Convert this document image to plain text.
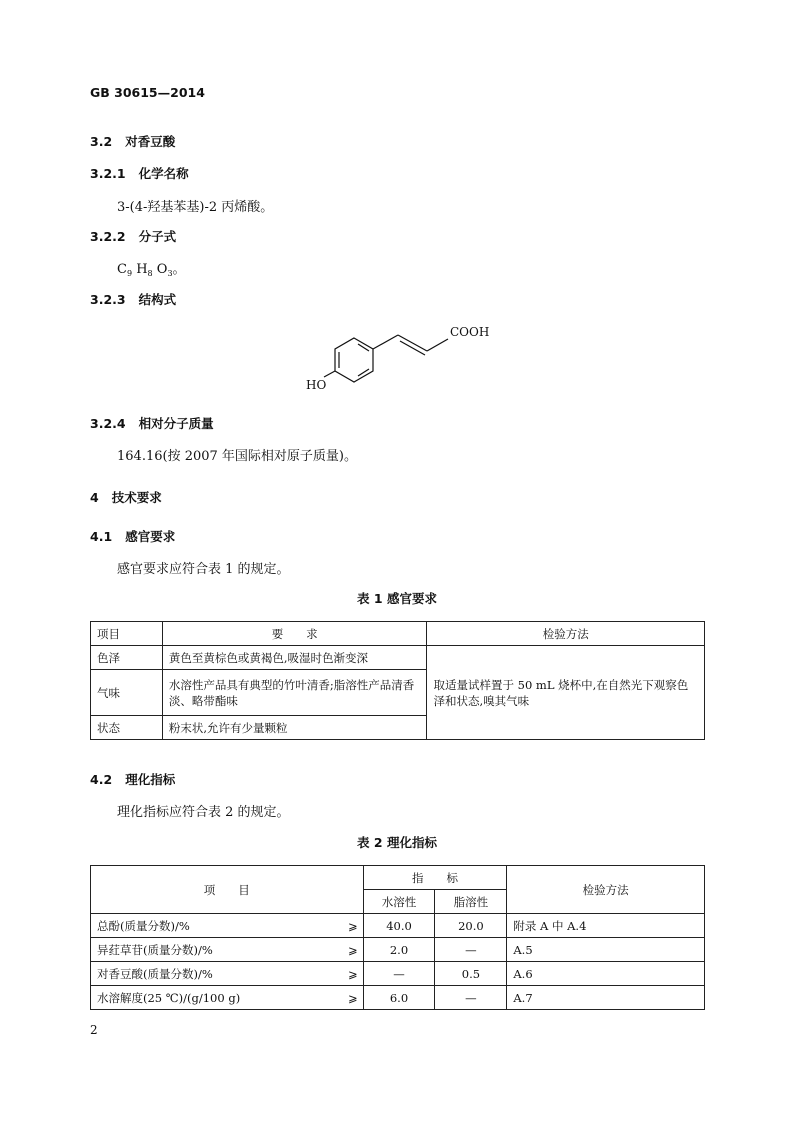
GB 30615—2014
3.2 对香豆酸
3.2.1 化学名称
3-(4-羟基苯基)-2 丙烯酸。
3.2.2 分子式
$C_9$ $H_8$ $O_3$。
3.2.3 结构式
COOH
HO
3.2.4 相对分子质量
164.16(按 2007 年国际相对原子质量)。
4 技术要求
4.1 感官要求
感官要求应符合表 1 的规定。
表 1 感官要求
项目	要　　求	检验方法
色泽	黄色至黄棕色或黄褐色,吸湿时色渐变深	取适量试样置于 50 mL 烧杯中,在自然光下观察色泽和状态,嗅其气味
气味	水溶性产品具有典型的竹叶清香;脂溶性产品清香淡、略带酯味	
状态	粉末状,允许有少量颗粒	
4.2 理化指标
理化指标应符合表 2 的规定。
表 2 理化指标
项　　目		指　　标		检验方法
		水溶性	脂溶性	
总酚(质量分数)/%	⩾	40.0	20.0	附录 A 中 A.4
异荭草苷(质量分数)/%	⩾	2.0	—	A.5
对香豆酸(质量分数)/%	⩾	—	0.5	A.6
水溶解度(25 ℃)/(g/100 g)	⩾	6.0	—	A.7
2
